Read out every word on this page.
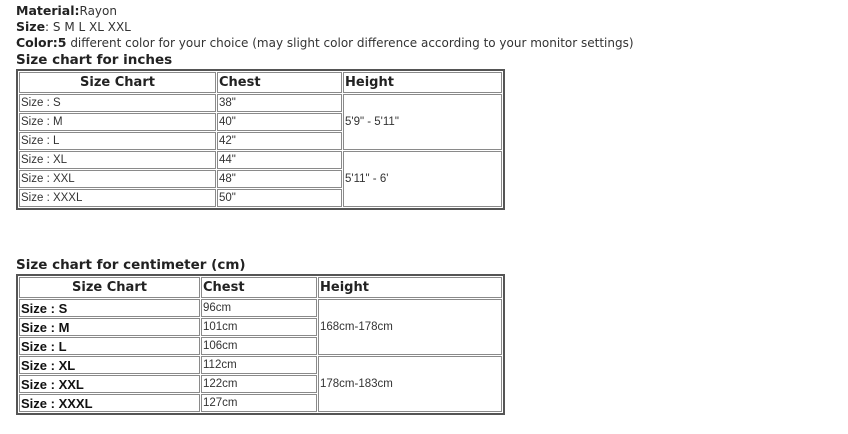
Material:Rayon
Size: S M L XL XXL
Color:5 different color for your choice (may slight color difference according to your monitor settings)
Size chart for inches
Size Chart	Chest	Height
Size : S	38"	5'9" - 5'11"
Size : M	40"	
Size : L	42"	
Size : XL	44"	5'11" - 6'
Size : XXL	48"	
Size : XXXL	50"	
Size chart for centimeter (cm)
Size Chart	Chest	Height
Size : S	96cm	168cm-178cm
Size : M	101cm	
Size : L	106cm	
Size : XL	112cm	178cm-183cm
Size : XXL	122cm	
Size : XXXL	127cm	
